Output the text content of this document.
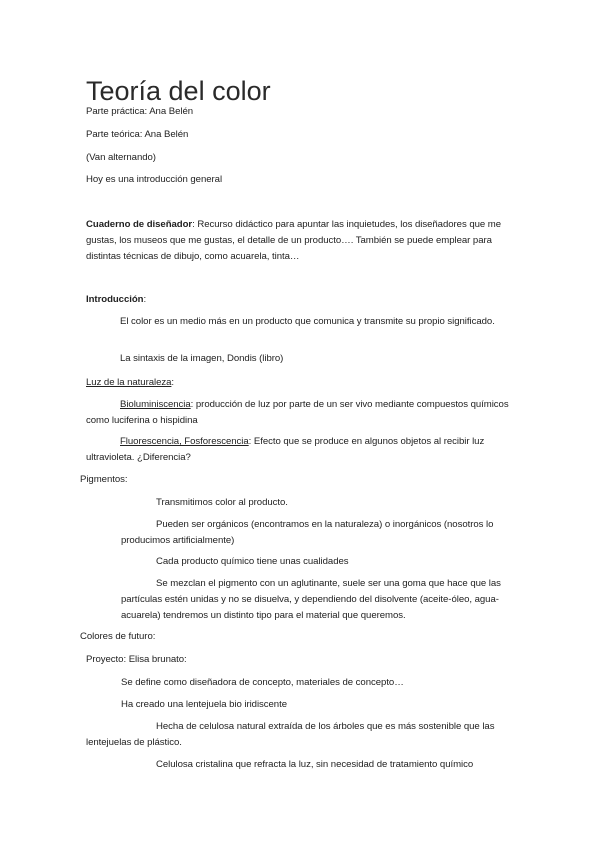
Teoría del color

Parte práctica: Ana Belén

Parte teórica: Ana Belén

(Van alternando)

Hoy es una introducción general

Cuaderno de diseñador: Recurso didáctico para apuntar las inquietudes, los diseñadores que me gustas, los museos que me gustas, el detalle de un producto…. También se puede emplear para distintas técnicas de dibujo, como acuarela, tinta…

Introducción:

El color es un medio más en un producto que comunica y transmite su propio significado.

La sintaxis de la imagen, Dondis (libro)

Luz de la naturaleza:

Bioluminiscencia: producción de luz por parte de un ser vivo mediante compuestos químicos como luciferina o hispidina

Fluorescencia, Fosforescencia: Efecto que se produce en algunos objetos al recibir luz ultravioleta. ¿Diferencia?

Pigmentos:

Transmitimos color al producto.

Pueden ser orgánicos (encontramos en la naturaleza) o inorgánicos (nosotros lo producimos artificialmente)

Cada producto químico tiene unas cualidades

Se mezclan el pigmento con un aglutinante, suele ser una goma que hace que las partículas estén unidas y no se disuelva, y dependiendo del disolvente (aceite-óleo, agua-acuarela) tendremos un distinto tipo para el material que queremos.

Colores de futuro:

Proyecto: Elisa brunato:

Se define como diseñadora de concepto, materiales de concepto…

Ha creado una lentejuela bio iridiscente

Hecha de celulosa natural extraída de los árboles que es más sostenible que las lentejuelas de plástico.

Celulosa cristalina que refracta la luz, sin necesidad de tratamiento químico
